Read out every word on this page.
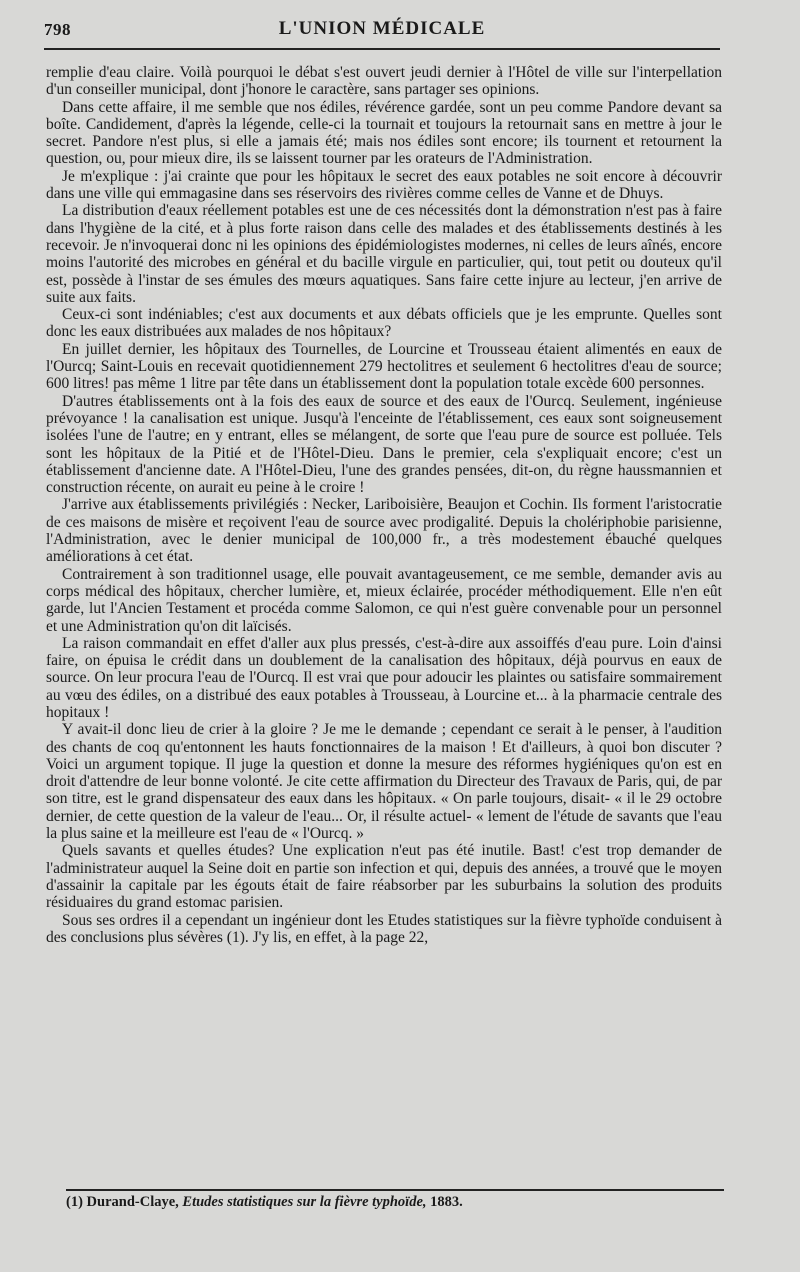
798	L'UNION MÉDICALE

remplie d'eau claire. Voilà pourquoi le débat s'est ouvert jeudi dernier à l'Hôtel de ville sur l'interpellation d'un conseiller municipal, dont j'honore le caractère, sans partager ses opinions.

Dans cette affaire, il me semble que nos édiles, révérence gardée, sont un peu comme Pandore devant sa boîte. Candidement, d'après la légende, celle-ci la tournait et toujours la retournait sans en mettre à jour le secret. Pandore n'est plus, si elle a jamais été; mais nos édiles sont encore; ils tournent et retournent la question, ou, pour mieux dire, ils se laissent tourner par les orateurs de l'Administration.

Je m'explique : j'ai crainte que pour les hôpitaux le secret des eaux potables ne soit encore à découvrir dans une ville qui emmagasine dans ses réservoirs des rivières comme celles de Vanne et de Dhuys.

La distribution d'eaux réellement potables est une de ces nécessités dont la démonstration n'est pas à faire dans l'hygiène de la cité, et à plus forte raison dans celle des malades et des établissements destinés à les recevoir. Je n'invoquerai donc ni les opinions des épidémiologistes modernes, ni celles de leurs aînés, encore moins l'autorité des microbes en général et du bacille virgule en particulier, qui, tout petit ou douteux qu'il est, possède à l'instar de ses émules des mœurs aquatiques. Sans faire cette injure au lecteur, j'en arrive de suite aux faits.

Ceux-ci sont indéniables; c'est aux documents et aux débats officiels que je les emprunte. Quelles sont donc les eaux distribuées aux malades de nos hôpitaux?

En juillet dernier, les hôpitaux des Tournelles, de Lourcine et Trousseau étaient alimentés en eaux de l'Ourcq; Saint-Louis en recevait quotidiennement 279 hectolitres et seulement 6 hectolitres d'eau de source; 600 litres! pas même 1 litre par tête dans un établissement dont la population totale excède 600 personnes.

D'autres établissements ont à la fois des eaux de source et des eaux de l'Ourcq. Seulement, ingénieuse prévoyance ! la canalisation est unique. Jusqu'à l'enceinte de l'établissement, ces eaux sont soigneusement isolées l'une de l'autre; en y entrant, elles se mélangent, de sorte que l'eau pure de source est polluée. Tels sont les hôpitaux de la Pitié et de l'Hôtel-Dieu. Dans le premier, cela s'expliquait encore; c'est un établissement d'ancienne date. A l'Hôtel-Dieu, l'une des grandes pensées, dit-on, du règne haussmannien et construction récente, on aurait eu peine à le croire !

J'arrive aux établissements privilégiés : Necker, Lariboisière, Beaujon et Cochin. Ils forment l'aristocratie de ces maisons de misère et reçoivent l'eau de source avec prodigalité. Depuis la cholériphobie parisienne, l'Administration, avec le denier municipal de 100,000 fr., a très modestement ébauché quelques améliorations à cet état.

Contrairement à son traditionnel usage, elle pouvait avantageusement, ce me semble, demander avis au corps médical des hôpitaux, chercher lumière, et, mieux éclairée, procéder méthodiquement. Elle n'en eût garde, lut l'Ancien Testament et procéda comme Salomon, ce qui n'est guère convenable pour un personnel et une Administration qu'on dit laïcisés.

La raison commandait en effet d'aller aux plus pressés, c'est-à-dire aux assoiffés d'eau pure. Loin d'ainsi faire, on épuisa le crédit dans un doublement de la canalisation des hôpitaux, déjà pourvus en eaux de source. On leur procura l'eau de l'Ourcq. Il est vrai que pour adoucir les plaintes ou satisfaire sommairement au vœu des édiles, on a distribué des eaux potables à Trousseau, à Lourcine et... à la pharmacie centrale des hopitaux !

Y avait-il donc lieu de crier à la gloire ? Je me le demande ; cependant ce serait à le penser, à l'audition des chants de coq qu'entonnent les hauts fonctionnaires de la maison ! Et d'ailleurs, à quoi bon discuter ? Voici un argument topique. Il juge la question et donne la mesure des réformes hygiéniques qu'on est en droit d'attendre de leur bonne volonté. Je cite cette affirmation du Directeur des Travaux de Paris, qui, de par son titre, est le grand dispensateur des eaux dans les hôpitaux. « On parle toujours, disait- « il le 29 octobre dernier, de cette question de la valeur de l'eau... Or, il résulte actuel- « lement de l'étude de savants que l'eau la plus saine et la meilleure est l'eau de « l'Ourcq. »

Quels savants et quelles études? Une explication n'eut pas été inutile. Bast! c'est trop demander de l'administrateur auquel la Seine doit en partie son infection et qui, depuis des années, a trouvé que le moyen d'assainir la capitale par les égouts était de faire réabsorber par les suburbains la solution des produits résiduaires du grand estomac parisien.

Sous ses ordres il a cependant un ingénieur dont les Etudes statistiques sur la fièvre typhoïde conduisent à des conclusions plus sévères (1). J'y lis, en effet, à la page 22,

(1) Durand-Claye, Etudes statistiques sur la fièvre typhoïde, 1883.
